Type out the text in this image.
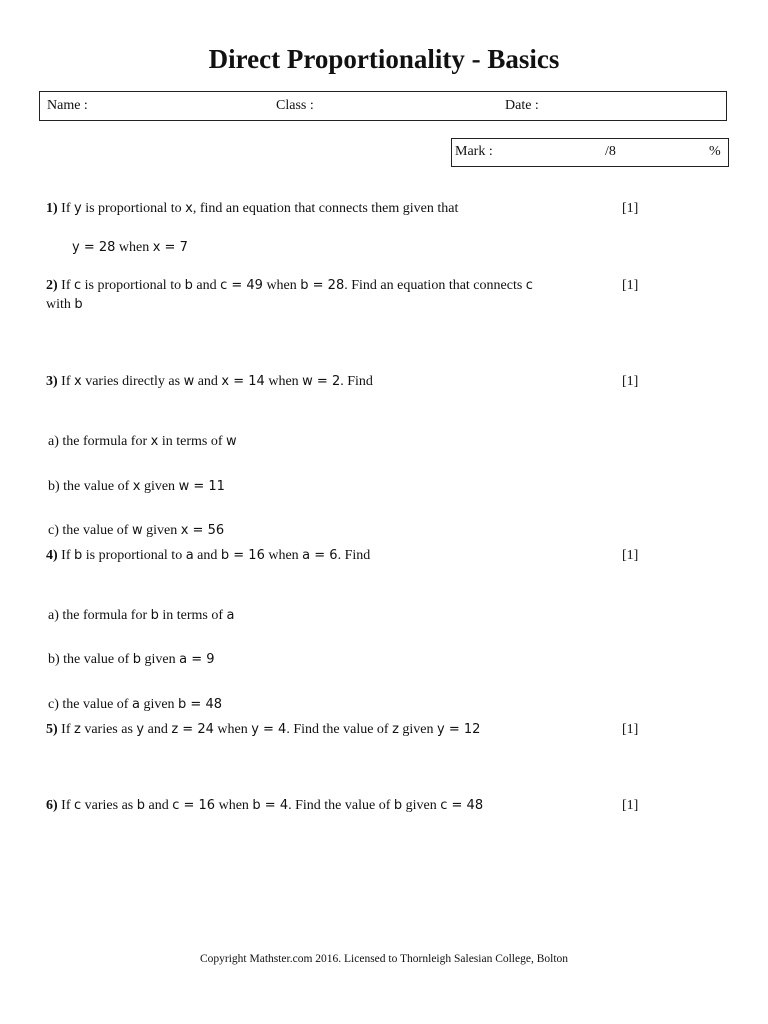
Direct Proportionality - Basics
Name :	Class :	Date :
Mark :	/8	%
1) If y is proportional to x, find an equation that connects them given that	[1]
y = 28 when x = 7
2) If c is proportional to b and c = 49 when b = 28. Find an equation that connects c	[1]
with b
3) If x varies directly as w and x = 14 when w = 2. Find	[1]
a) the formula for x in terms of w
b) the value of x given w = 11
c) the value of w given x = 56
4) If b is proportional to a and b = 16 when a = 6. Find	[1]
a) the formula for b in terms of a
b) the value of b given a = 9
c) the value of a given b = 48
5) If z varies as y and z = 24 when y = 4. Find the value of z given y = 12	[1]
6) If c varies as b and c = 16 when b = 4. Find the value of b given c = 48	[1]
Copyright Mathster.com 2016. Licensed to Thornleigh Salesian College, Bolton
